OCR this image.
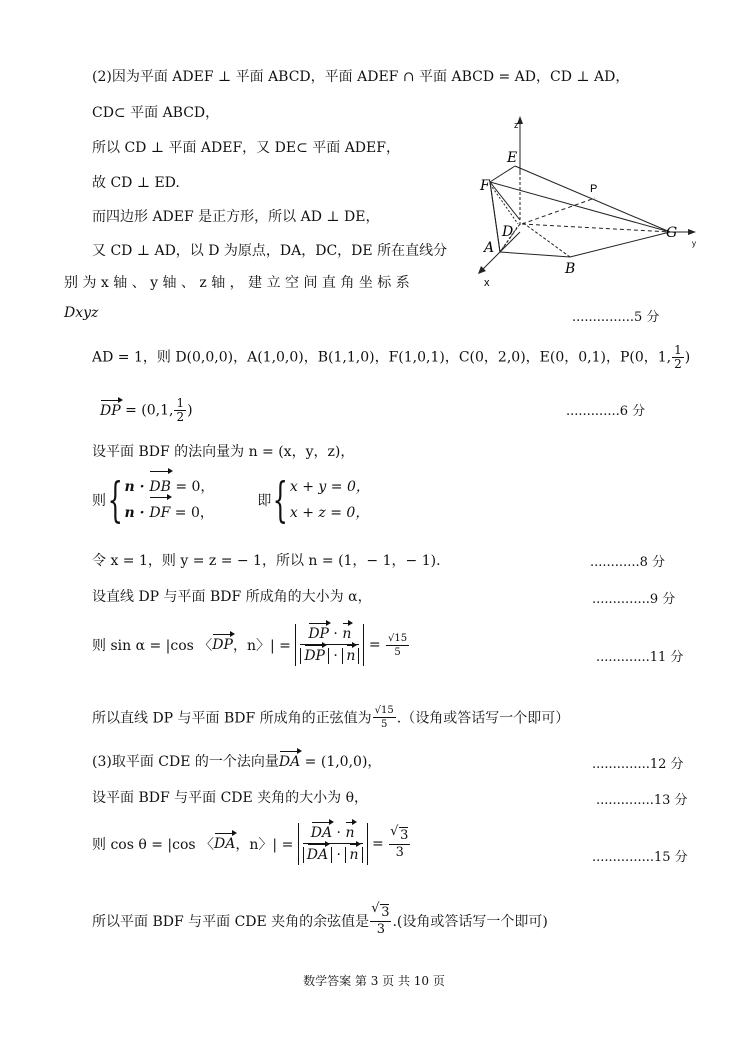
(2)因为平面 ADEF ⊥ 平面 ABCD，平面 ADEF ∩ 平面 ABCD = AD，CD ⊥ AD，
CD⊂ 平面 ABCD，
所以 CD ⊥ 平面 ADEF，又 DE⊂ 平面 ADEF，
故 CD ⊥ ED.
而四边形 ADEF 是正方形，所以 AD ⊥ DE，
又 CD ⊥ AD，以 D 为原点，DA，DC，DE 所在直线分
别 为 x 轴 、 y 轴 、 z 轴 ， 建 立 空 间 直 角 坐 标 系
Dxyz	...............5 分
z
y
x
E
F	P
D	G
A
B
AD = 1，则 D(0,0,0)，A(1,0,0)，B(1,1,0)，F(1,0,1)，C(0，2,0)，E(0，0,1)，P(0，1, $\frac{1}{2}$ )
DP = (0,1, $\frac{1}{2}$ )	.............6 分
设平面 BDF 的法向量为 n = (x，y，z)，
则{ n · DB = 0，
n · DF = 0，  即{ x + y = 0，
x + z = 0，
令 x = 1，则 y = z = − 1，所以 n = (1，− 1，− 1).	............8 分
设直线 DP 与平面 BDF 所成角的大小为 α，	..............9 分
则 sin α = |cos 〈DP，n〉| = $\frac{DP \cdot n}{DP \cdot n} = \frac{√15}{5}$	.............11 分
所以直线 DP 与平面 BDF 所成角的正弦值为 $\frac{√15}{5}$ .（设角或答话写一个即可）
(3)取平面 CDE 的一个法向量DA = (1,0,0)，	..............12 分
设平面 BDF 与平面 CDE 夹角的大小为 θ，	..............13 分
则 cos θ = |cos 〈DA，n〉| = $\frac{DA \cdot n}{DA \cdot n}$ = √ $\frac{3}{3}$	...............15 分
所以平面 BDF 与平面 CDE 夹角的余弦值是 √ $\frac{3}{3}$ .(设角或答话写一个即可)
数学答案 第 3 页 共 10 页
